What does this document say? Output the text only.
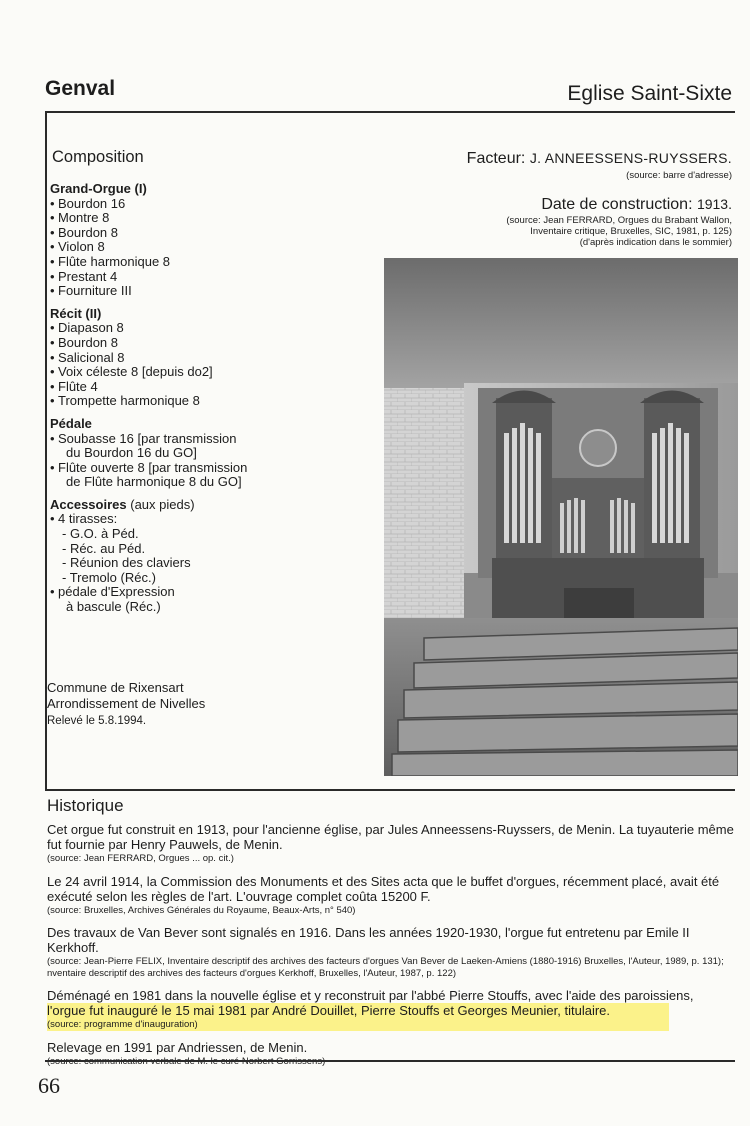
Genval	Eglise Saint-Sixte
Composition
Grand-Orgue (I)
• Bourdon 16
• Montre 8
• Bourdon 8
• Violon 8
• Flûte harmonique 8
• Prestant 4
• Fourniture III
Récit (II)
• Diapason 8
• Bourdon 8
• Salicional 8
• Voix céleste 8 [depuis do2]
• Flûte 4
• Trompette harmonique 8
Pédale
• Soubasse 16 [par transmission
du Bourdon 16 du GO]
• Flûte ouverte 8 [par transmission
de Flûte harmonique 8 du GO]
Accessoires (aux pieds)
• 4 tirasses:
- G.O. à Péd.
- Réc. au Péd.
- Réunion des claviers
- Tremolo (Réc.)
• pédale d'Expression
à bascule (Réc.)
Facteur: J. ANNEESSENS-RUYSSERS.
(source: barre d'adresse)
Date de construction: 1913.
(source: Jean FERRARD, Orgues du Brabant Wallon,
Inventaire critique, Bruxelles, SIC, 1981, p. 125)
(d'après indication dans le sommier)
Commune de Rixensart
Arrondissement de Nivelles
Relevé le 5.8.1994.
Historique
Cet orgue fut construit en 1913, pour l'ancienne église, par Jules Anneessens-Ruyssers, de Menin. La tuyauterie même fut fournie par Henry Pauwels, de Menin.
(source: Jean FERRARD, Orgues ... op. cit.)
Le 24 avril 1914, la Commission des Monuments et des Sites acta que le buffet d'orgues, récemment placé, avait été exécuté selon les règles de l'art. L'ouvrage complet coûta 15200 F.
(source: Bruxelles, Archives Générales du Royaume, Beaux-Arts, n° 540)
Des travaux de Van Bever sont signalés en 1916. Dans les années 1920-1930, l'orgue fut entretenu par Emile II Kerkhoff.
(source: Jean-Pierre FELIX, Inventaire descriptif des archives des facteurs d'orgues Van Bever de Laeken-Amiens (1880-1916) Bruxelles, l'Auteur, 1989, p. 131); nventaire descriptif des archives des facteurs d'orgues Kerkhoff, Bruxelles, l'Auteur, 1987, p. 122)
Déménagé en 1981 dans la nouvelle église et y reconstruit par l'abbé Pierre Stouffs, avec l'aide des paroissiens,
l'orgue fut inauguré le 15 mai 1981 par André Douillet, Pierre Stouffs et Georges Meunier, titulaire.
(source: programme d'inauguration)
Relevage en 1991 par Andriessen, de Menin.
66
